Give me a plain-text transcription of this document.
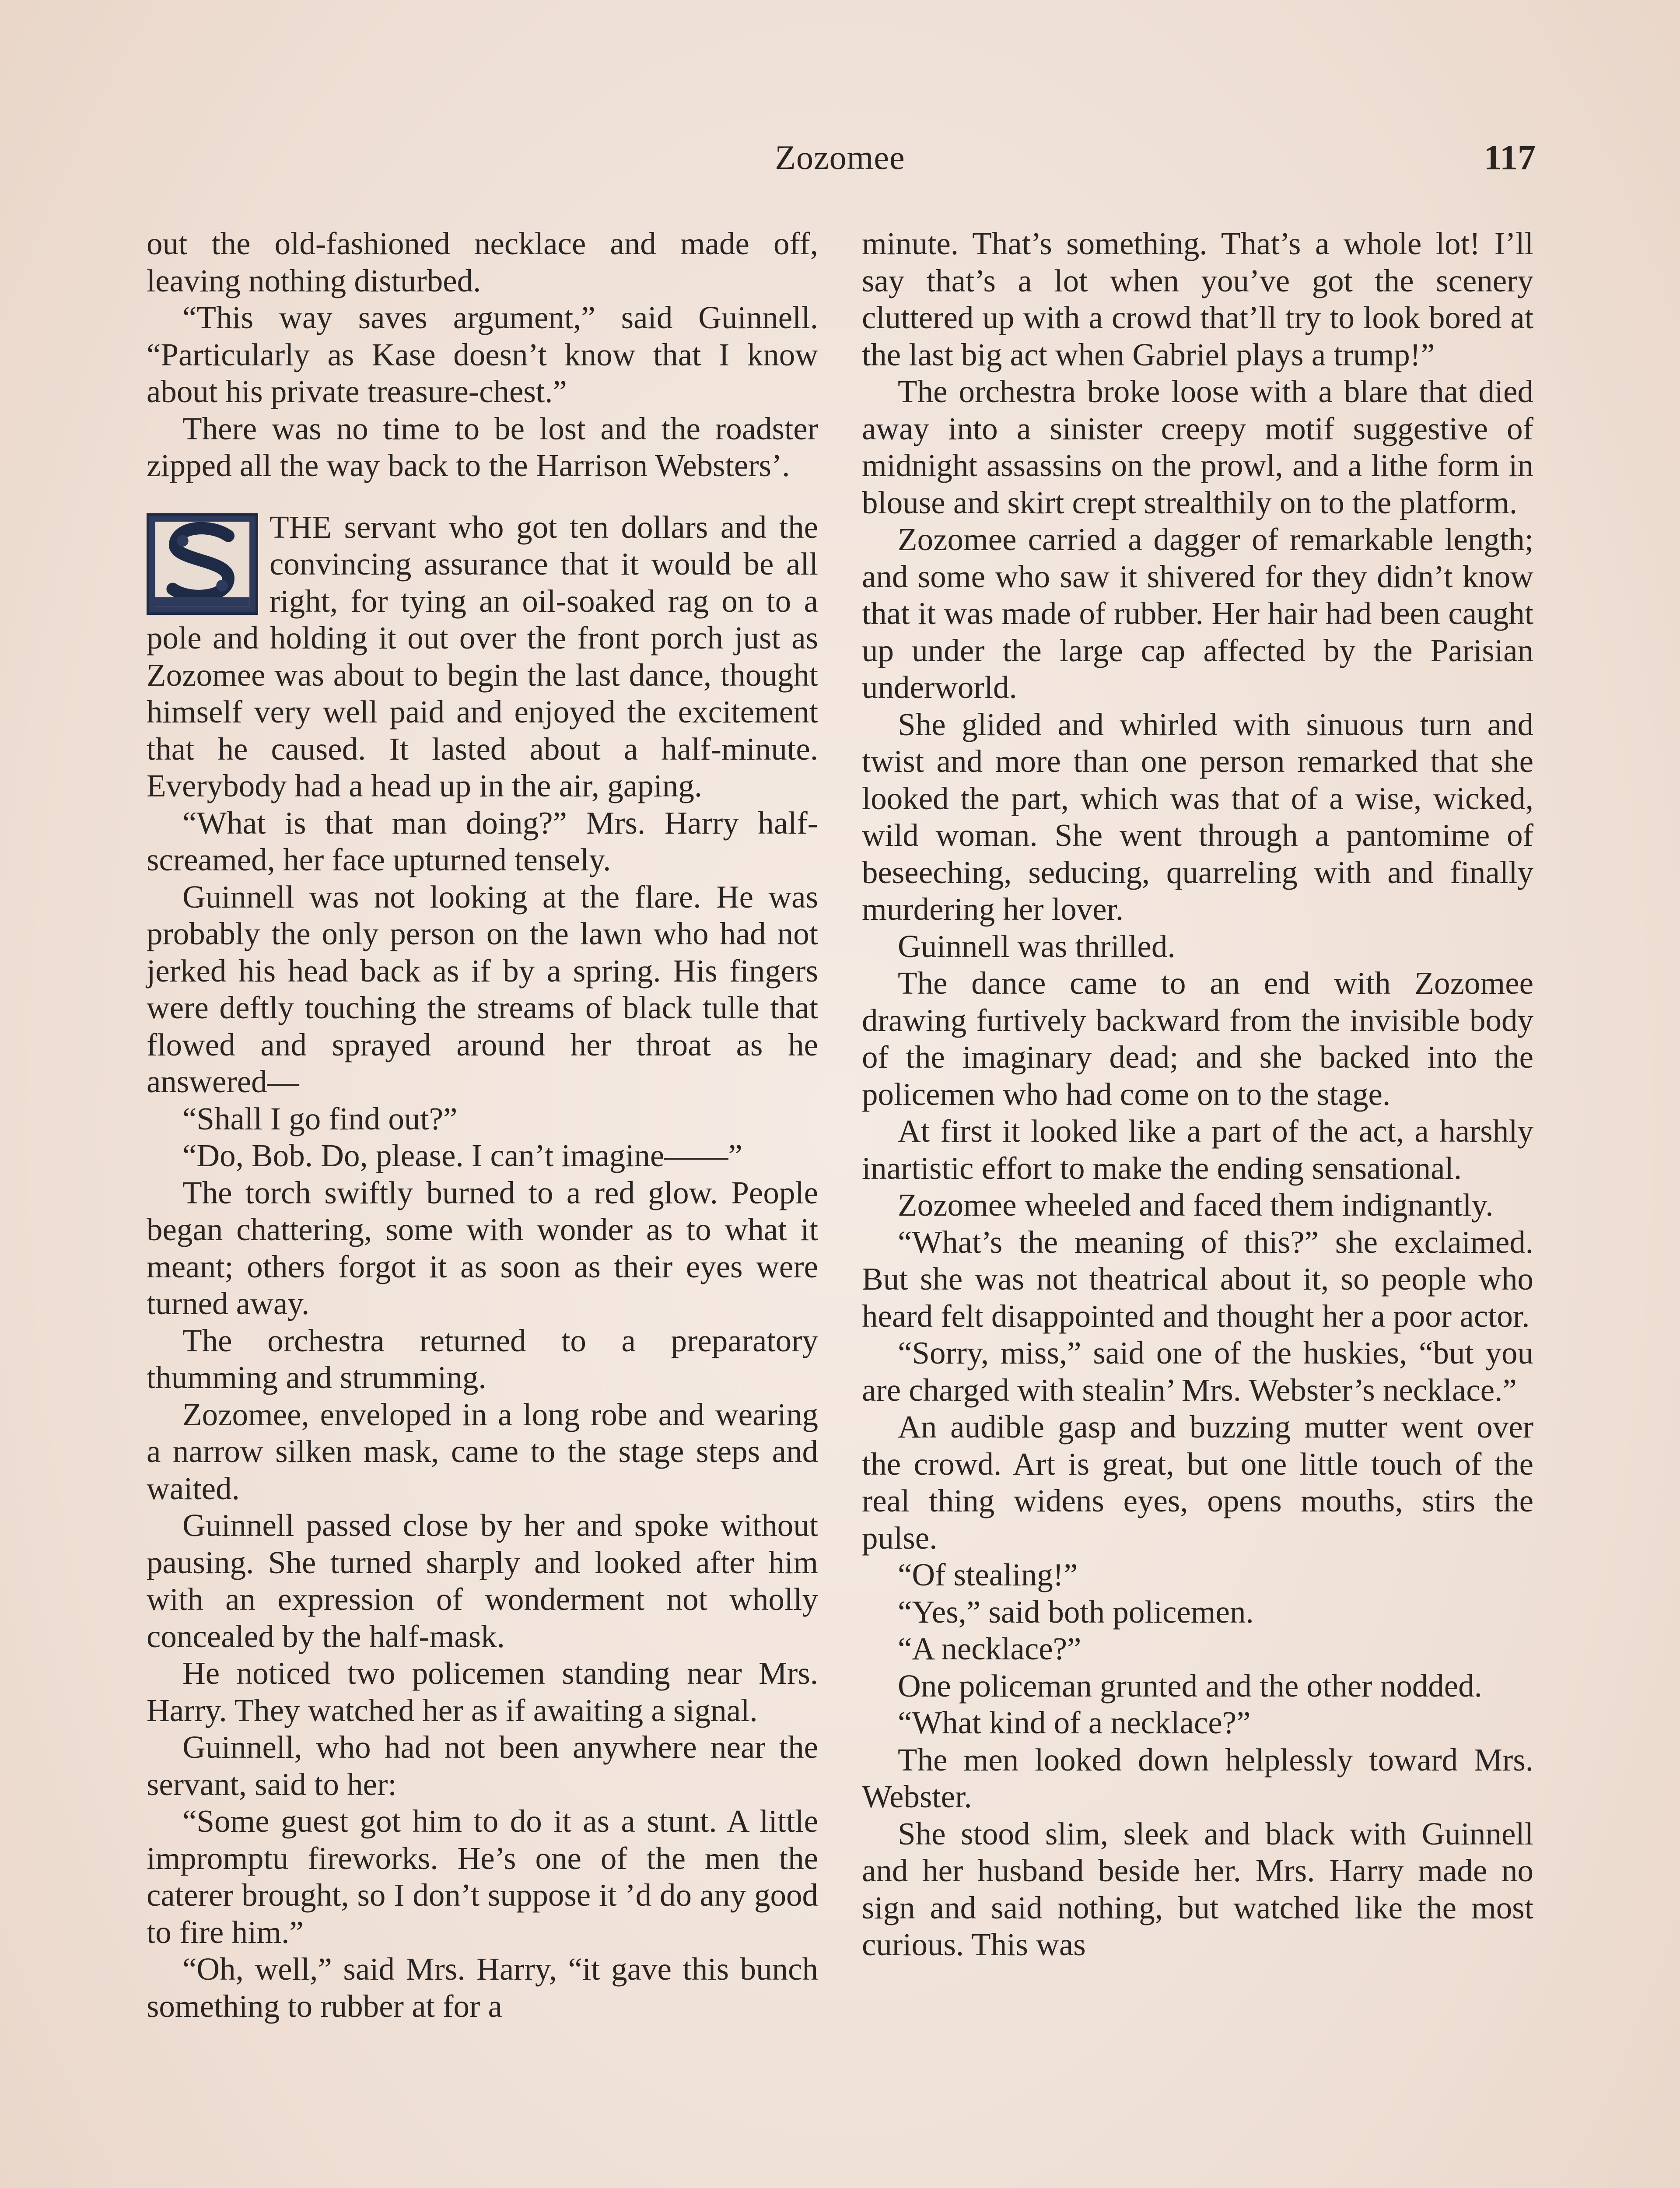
Zozomee	117

out the old-fashioned necklace and made off, leaving nothing disturbed.

“This way saves argument,” said Guinnell. “Particularly as Kase doesn’t know that I know about his private treasure-chest.”

There was no time to be lost and the roadster zipped all the way back to the Harrison Websters’.

THE servant who got ten dollars and the convincing assurance that it would be all right, for tying an oil-soaked rag on to a pole and holding it out over the front porch just as Zozomee was about to begin the last dance, thought himself very well paid and enjoyed the excitement that he caused. It lasted about a half-minute. Everybody had a head up in the air, gaping.

“What is that man doing?” Mrs. Harry half-screamed, her face upturned tensely.

Guinnell was not looking at the flare. He was probably the only person on the lawn who had not jerked his head back as if by a spring. His fingers were deftly touching the streams of black tulle that flowed and sprayed around her throat as he answered—

“Shall I go find out?”

“Do, Bob. Do, please. I can’t imagine——”

The torch swiftly burned to a red glow. People began chattering, some with wonder as to what it meant; others forgot it as soon as their eyes were turned away.

The orchestra returned to a preparatory thumming and strumming.

Zozomee, enveloped in a long robe and wearing a narrow silken mask, came to the stage steps and waited.

Guinnell passed close by her and spoke without pausing. She turned sharply and looked after him with an expression of wonderment not wholly concealed by the half-mask.

He noticed two policemen standing near Mrs. Harry. They watched her as if awaiting a signal.

Guinnell, who had not been anywhere near the servant, said to her:

“Some guest got him to do it as a stunt. A little impromptu fireworks. He’s one of the men the caterer brought, so I don’t suppose it ’d do any good to fire him.”

“Oh, well,” said Mrs. Harry, “it gave this bunch something to rubber at for a

minute. That’s something. That’s a whole lot! I’ll say that’s a lot when you’ve got the scenery cluttered up with a crowd that’ll try to look bored at the last big act when Gabriel plays a trump!”

The orchestra broke loose with a blare that died away into a sinister creepy motif suggestive of midnight assassins on the prowl, and a lithe form in blouse and skirt crept strealthily on to the platform.

Zozomee carried a dagger of remarkable length; and some who saw it shivered for they didn’t know that it was made of rubber. Her hair had been caught up under the large cap affected by the Parisian underworld.

She glided and whirled with sinuous turn and twist and more than one person remarked that she looked the part, which was that of a wise, wicked, wild woman. She went through a pantomime of beseeching, seducing, quarreling with and finally murdering her lover.

Guinnell was thrilled.

The dance came to an end with Zozomee drawing furtively backward from the invisible body of the imaginary dead; and she backed into the policemen who had come on to the stage.

At first it looked like a part of the act, a harshly inartistic effort to make the ending sensational.

Zozomee wheeled and faced them indignantly.

“What’s the meaning of this?” she exclaimed. But she was not theatrical about it, so people who heard felt disappointed and thought her a poor actor.

“Sorry, miss,” said one of the huskies, “but you are charged with stealin’ Mrs. Webster’s necklace.”

An audible gasp and buzzing mutter went over the crowd. Art is great, but one little touch of the real thing widens eyes, opens mouths, stirs the pulse.

“Of stealing!”

“Yes,” said both policemen.

“A necklace?”

One policeman grunted and the other nodded.

“What kind of a necklace?”

The men looked down helplessly toward Mrs. Webster.

She stood slim, sleek and black with Guinnell and her husband beside her. Mrs. Harry made no sign and said nothing, but watched like the most curious. This was
